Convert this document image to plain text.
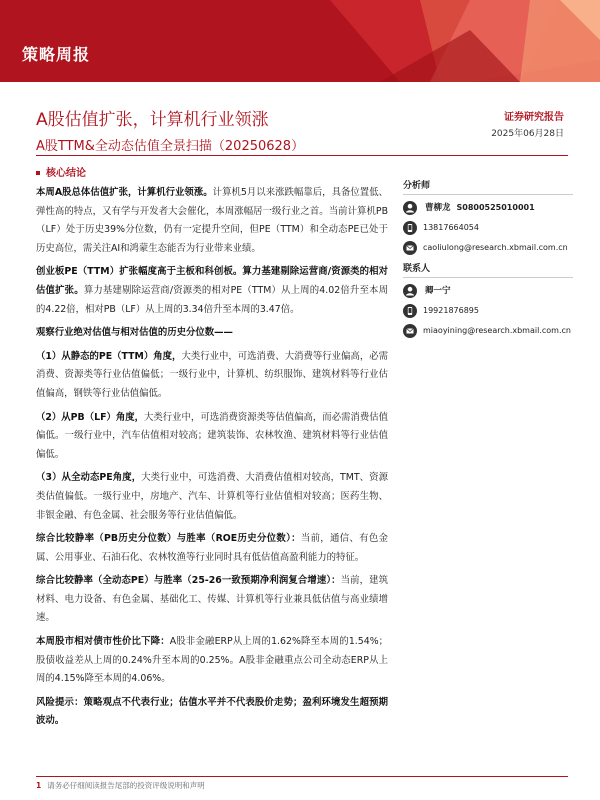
策略周报
A股估值扩张，计算机行业领涨
A股TTM&全动态估值全景扫描（20250628）
证券研究报告
2025年06月28日
核心结论

本周A股总体估值扩张，计算机行业领涨。计算机5月以来涨跌幅靠后，具备位置低、弹性高的特点，又有学与开发者大会催化，本周涨幅居一级行业之首。当前计算机PB（LF）处于历史39%分位数，仍有一定提升空间，但PE（TTM）和全动态PE已处于历史高位，需关注AI和鸿蒙生态能否为行业带来业绩。

创业板PE（TTM）扩张幅度高于主板和科创板。算力基建剔除运营商/资源类的相对估值扩张。算力基建剔除运营商/资源类的相对PE（TTM）从上周的4.02倍升至本周的4.22倍，相对PB（LF）从上周的3.34倍升至本周的3.47倍。

观察行业绝对估值与相对估值的历史分位数——

（1）从静态的PE（TTM）角度，大类行业中，可选消费、大消费等行业偏高，必需消费、资源类等行业估值偏低；一级行业中，计算机、纺织服饰、建筑材料等行业估值偏高，钢铁等行业估值偏低。

（2）从PB（LF）角度，大类行业中，可选消费资源类等估值偏高，而必需消费估值偏低。一级行业中，汽车估值相对较高；建筑装饰、农林牧渔、建筑材料等行业估值偏低。

（3）从全动态PE角度，大类行业中，可选消费、大消费估值相对较高，TMT、资源类估值偏低。一级行业中，房地产、汽车、计算机等行业估值相对较高；医药生物、非银金融、有色金属、社会服务等行业估值偏低。

综合比较静率（PB历史分位数）与胜率（ROE历史分位数）：当前，通信、有色金属、公用事业、石油石化、农林牧渔等行业同时具有低估值高盈利能力的特征。

综合比较静率（全动态PE）与胜率（25-26一致预期净利润复合增速）：当前，建筑材料、电力设备、有色金属、基础化工、传媒、计算机等行业兼具低估值与高业绩增速。

本周股市相对债市性价比下降：A股非金融ERP从上周的1.62%降至本周的1.54%；股债收益差从上周的0.24%升至本周的0.25%。A股非金融重点公司全动态ERP从上周的4.15%降至本周的4.06%。

风险提示：策略观点不代表行业；估值水平并不代表股价走势；盈利环境发生超预期波动。

分析师
曹柳龙 S0800525010001
13817664054
caoliulong@research.xbmail.com.cn
联系人
卿一宁
19921876895
miaoyining@research.xbmail.com.cn
1 请务必仔细阅读报告尾部的投资评级说明和声明
